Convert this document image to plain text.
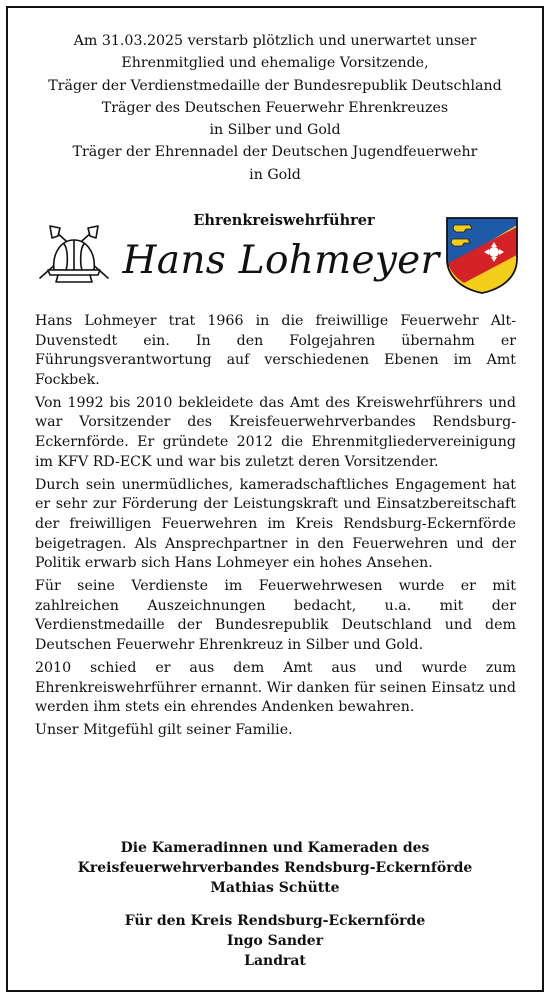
Am 31.03.2025 verstarb plötzlich und unerwartet unser
Ehrenmitglied und ehemalige Vorsitzende,
Träger der Verdienstmedaille der Bundesrepublik Deutschland
Träger des Deutschen Feuerwehr Ehrenkreuzes
in Silber und Gold
Träger der Ehrennadel der Deutschen Jugendfeuerwehr
in Gold
Ehrenkreiswehrführer
Hans Lohmeyer

Hans Lohmeyer trat 1966 in die freiwillige Feuerwehr Alt-Duvenstedt ein. In den Folgejahren übernahm er Führungsverantwortung auf verschiedenen Ebenen im Amt Fockbek.

Von 1992 bis 2010 bekleidete das Amt des Kreiswehrführers und war Vorsitzender des Kreisfeuerwehrverbandes Rendsburg-Eckernförde. Er gründete 2012 die Ehrenmitgliedervereinigung im KFV RD-ECK und war bis zuletzt deren Vorsitzender.

Durch sein unermüdliches, kameradschaftliches Engagement hat er sehr zur Förderung der Leistungskraft und Einsatzbereitschaft der freiwilligen Feuerwehren im Kreis Rendsburg-Eckernförde beigetragen. Als Ansprechpartner in den Feuerwehren und der Politik erwarb sich Hans Lohmeyer ein hohes Ansehen.

Für seine Verdienste im Feuerwehrwesen wurde er mit zahlreichen Auszeichnungen bedacht, u.a. mit der Verdienstmedaille der Bundesrepublik Deutschland und dem Deutschen Feuerwehr Ehrenkreuz in Silber und Gold.

2010 schied er aus dem Amt aus und wurde zum Ehrenkreiswehrführer ernannt. Wir danken für seinen Einsatz und werden ihm stets ein ehrendes Andenken bewahren.

Unser Mitgefühl gilt seiner Familie.

Die Kameradinnen und Kameraden des
Kreisfeuerwehrverbandes Rendsburg-Eckernförde
Mathias Schütte
Für den Kreis Rendsburg-Eckernförde
Ingo Sander
Landrat
